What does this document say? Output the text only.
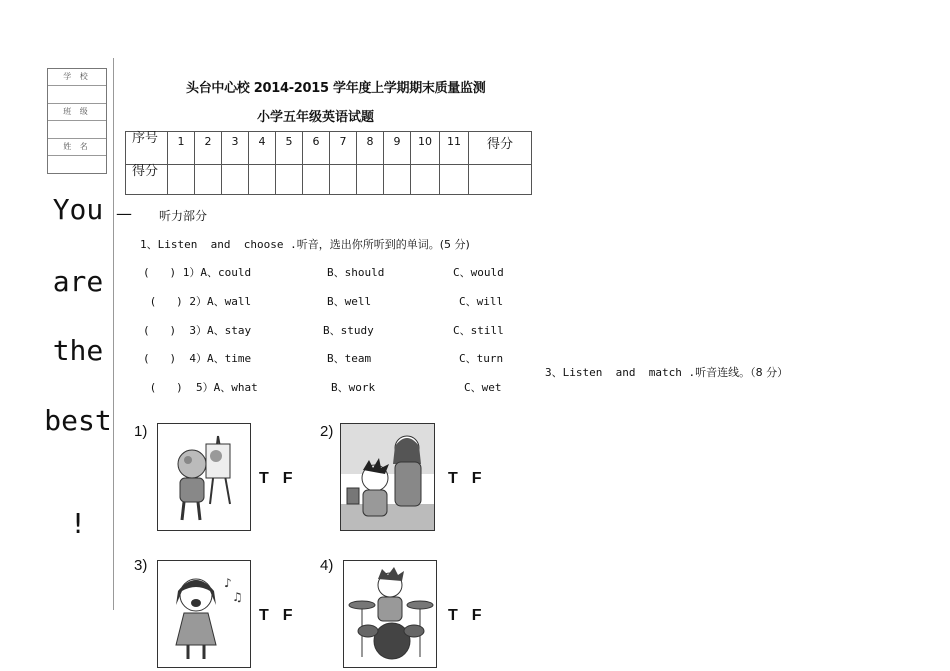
学 校
班 级
姓 名
You
are
the
best
!
—
头台中心校 2014-2015 学年度上学期期末质量监测
小学五年级英语试题
序号	1	2	3	4	5	6	7	8	9	10	11	得分
得分												
听力部分
1、Listen  and  choose .听音，选出你所听到的单词。(5 分)
(   ) 1）A、could	B、should	C、would
(   ) 2）A、wall	B、well	C、will
(   )  3）A、stay	B、study	C、still
(   )  4）A、time	B、team	C、turn
(   )  5）A、what	B、work	C、wet
3、Listen  and  match .听音连线。（8 分）
1)
TF
2)
TF
3)
♪
♫
TF
4)
TF
